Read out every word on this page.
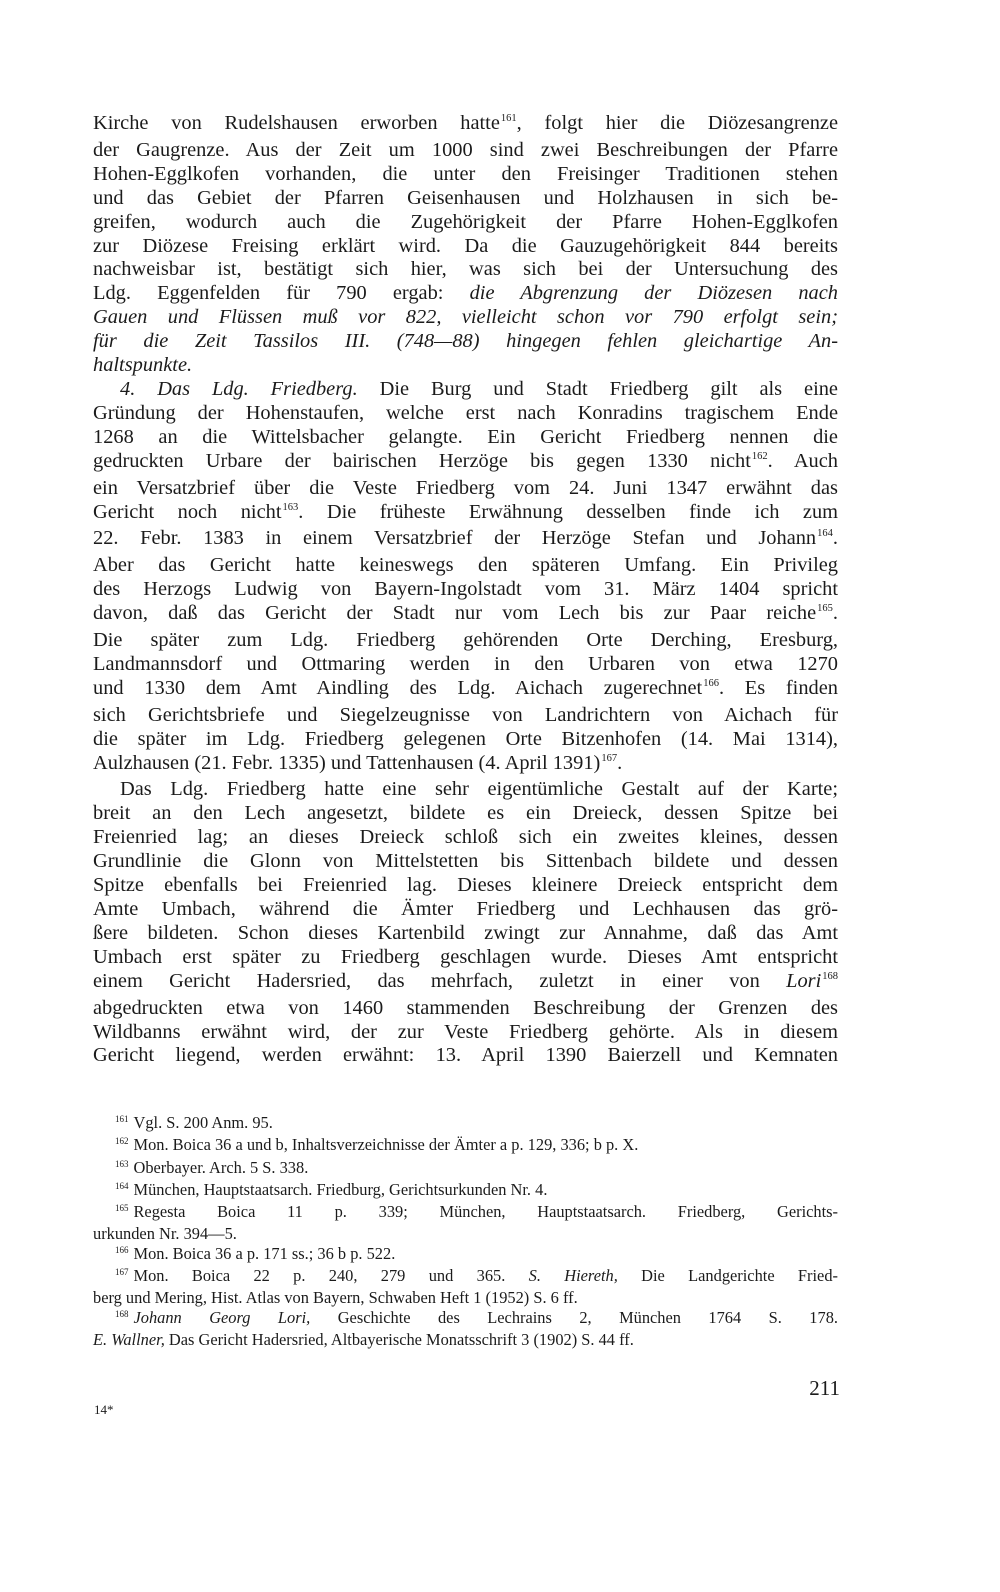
Kirche von Rudelshausen erworben hatte$^{161}$, folgt hier die Diözesangrenze
der Gaugrenze. Aus der Zeit um 1000 sind zwei Beschreibungen der Pfarre
Hohen-Egglkofen vorhanden, die unter den Freisinger Traditionen stehen
und das Gebiet der Pfarren Geisenhausen und Holzhausen in sich be-
greifen, wodurch auch die Zugehörigkeit der Pfarre Hohen-Egglkofen
zur Diözese Freising erklärt wird. Da die Gauzugehörigkeit 844 bereits
nachweisbar ist, bestätigt sich hier, was sich bei der Untersuchung des
Ldg. Eggenfelden für 790 ergab: die Abgrenzung der Diözesen nach
Gauen und Flüssen muß vor 822, vielleicht schon vor 790 erfolgt sein;
für die Zeit Tassilos III. (748—88) hingegen fehlen gleichartige An-
haltspunkte.
4. Das Ldg. Friedberg. Die Burg und Stadt Friedberg gilt als eine
Gründung der Hohenstaufen, welche erst nach Konradins tragischem Ende
1268 an die Wittelsbacher gelangte. Ein Gericht Friedberg nennen die
gedruckten Urbare der bairischen Herzöge bis gegen 1330 nicht$^{162}$. Auch
ein Versatzbrief über die Veste Friedberg vom 24. Juni 1347 erwähnt das
Gericht noch nicht$^{163}$. Die früheste Erwähnung desselben finde ich zum
22. Febr. 1383 in einem Versatzbrief der Herzöge Stefan und Johann$^{164}$.
Aber das Gericht hatte keineswegs den späteren Umfang. Ein Privileg
des Herzogs Ludwig von Bayern-Ingolstadt vom 31. März 1404 spricht
davon, daß das Gericht der Stadt nur vom Lech bis zur Paar reiche$^{165}$.
Die später zum Ldg. Friedberg gehörenden Orte Derching, Eresburg,
Landmannsdorf und Ottmaring werden in den Urbaren von etwa 1270
und 1330 dem Amt Aindling des Ldg. Aichach zugerechnet$^{166}$. Es finden
sich Gerichtsbriefe und Siegelzeugnisse von Landrichtern von Aichach für
die später im Ldg. Friedberg gelegenen Orte Bitzenhofen (14. Mai 1314),
Aulzhausen (21. Febr. 1335) und Tattenhausen (4. April 1391)$^{167}$.
Das Ldg. Friedberg hatte eine sehr eigentümliche Gestalt auf der Karte;
breit an den Lech angesetzt, bildete es ein Dreieck, dessen Spitze bei
Freienried lag; an dieses Dreieck schloß sich ein zweites kleines, dessen
Grundlinie die Glonn von Mittelstetten bis Sittenbach bildete und dessen
Spitze ebenfalls bei Freienried lag. Dieses kleinere Dreieck entspricht dem
Amte Umbach, während die Ämter Friedberg und Lechhausen das grö-
ßere bildeten. Schon dieses Kartenbild zwingt zur Annahme, daß das Amt
Umbach erst später zu Friedberg geschlagen wurde. Dieses Amt entspricht
einem Gericht Hadersried, das mehrfach, zuletzt in einer von Lori$^{168}$
abgedruckten etwa von 1460 stammenden Beschreibung der Grenzen des
Wildbanns erwähnt wird, der zur Veste Friedberg gehörte. Als in diesem
Gericht liegend, werden erwähnt: 13. April 1390 Baierzell und Kemnaten
$^{161}$ Vgl. S. 200 Anm. 95.
$^{162}$ Mon. Boica 36 a und b, Inhaltsverzeichnisse der Ämter a p. 129, 336; b p. X.
$^{163}$ Oberbayer. Arch. 5 S. 338.
$^{164}$ München, Hauptstaatsarch. Friedburg, Gerichtsurkunden Nr. 4.
$^{165}$ Regesta Boica 11 p. 339; München, Hauptstaatsarch. Friedberg, Gerichts-
urkunden Nr. 394—5.
$^{166}$ Mon. Boica 36 a p. 171 ss.; 36 b p. 522.
$^{167}$ Mon. Boica 22 p. 240, 279 und 365. S. Hiereth, Die Landgerichte Fried-
berg und Mering, Hist. Atlas von Bayern, Schwaben Heft 1 (1952) S. 6 ff.
$^{168}$ Johann Georg Lori, Geschichte des Lechrains 2, München 1764 S. 178.
E. Wallner, Das Gericht Hadersried, Altbayerische Monatsschrift 3 (1902) S. 44 ff.
211
14*
